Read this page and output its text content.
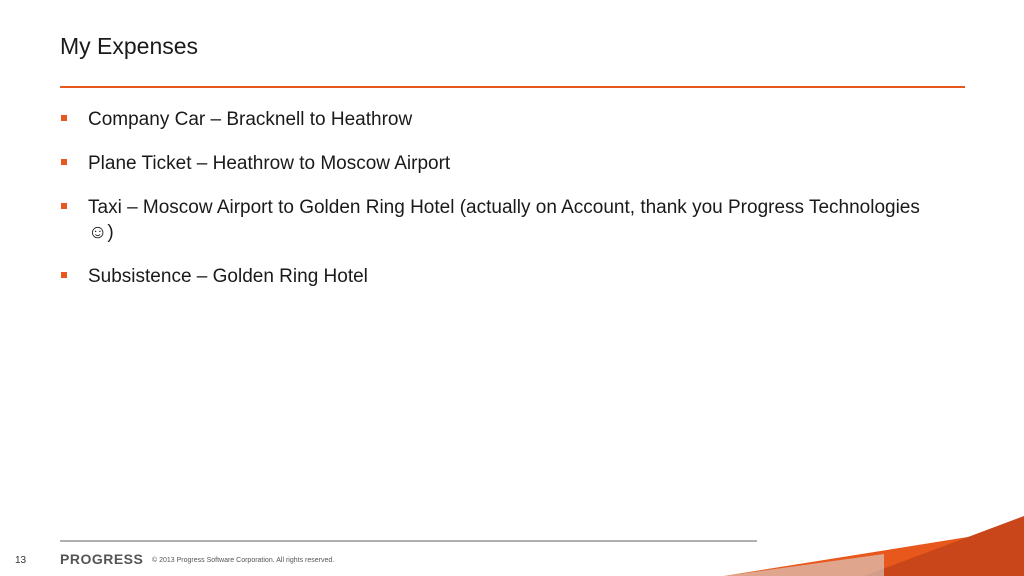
My Expenses
Company Car – Bracknell to Heathrow
Plane Ticket – Heathrow to Moscow Airport
Taxi – Moscow Airport to Golden Ring Hotel (actually on Account, thank you Progress Technologies ☺)
Subsistence – Golden Ring Hotel
13 PROGRESS © 2013 Progress Software Corporation. All rights reserved.
